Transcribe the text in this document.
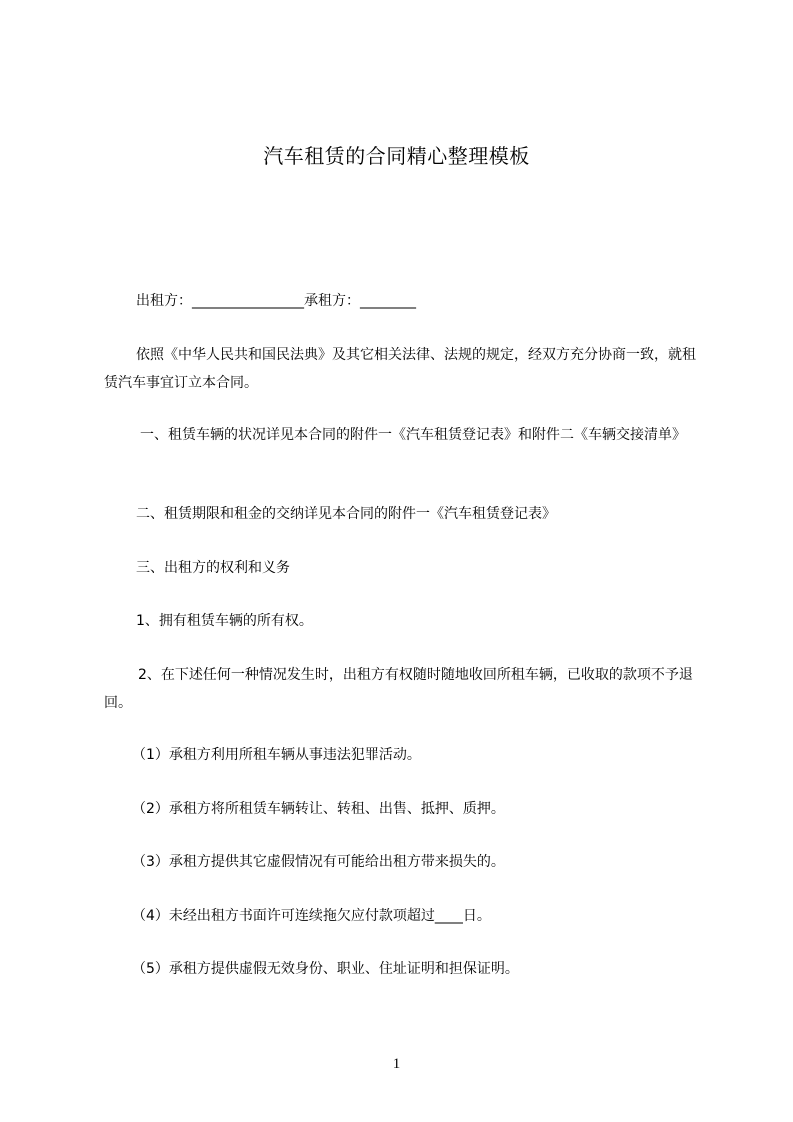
汽车租赁的合同精心整理模板
出租方：________________承租方：________
依照《中华人民共和国民法典》及其它相关法律、法规的规定，经双方充分协商一致，就租赁汽车事宜订立本合同。
一、租赁车辆的状况详见本合同的附件一《汽车租赁登记表》和附件二《车辆交接清单》
二、租赁期限和租金的交纳详见本合同的附件一《汽车租赁登记表》
三、出租方的权利和义务
1、拥有租赁车辆的所有权。
2、在下述任何一种情况发生时，出租方有权随时随地收回所租车辆，已收取的款项不予退回。
（1）承租方利用所租车辆从事违法犯罪活动。
（2）承租方将所租赁车辆转让、转租、出售、抵押、质押。
（3）承租方提供其它虚假情况有可能给出租方带来损失的。
（4）未经出租方书面许可连续拖欠应付款项超过____日。
（5）承租方提供虚假无效身份、职业、住址证明和担保证明。
1
